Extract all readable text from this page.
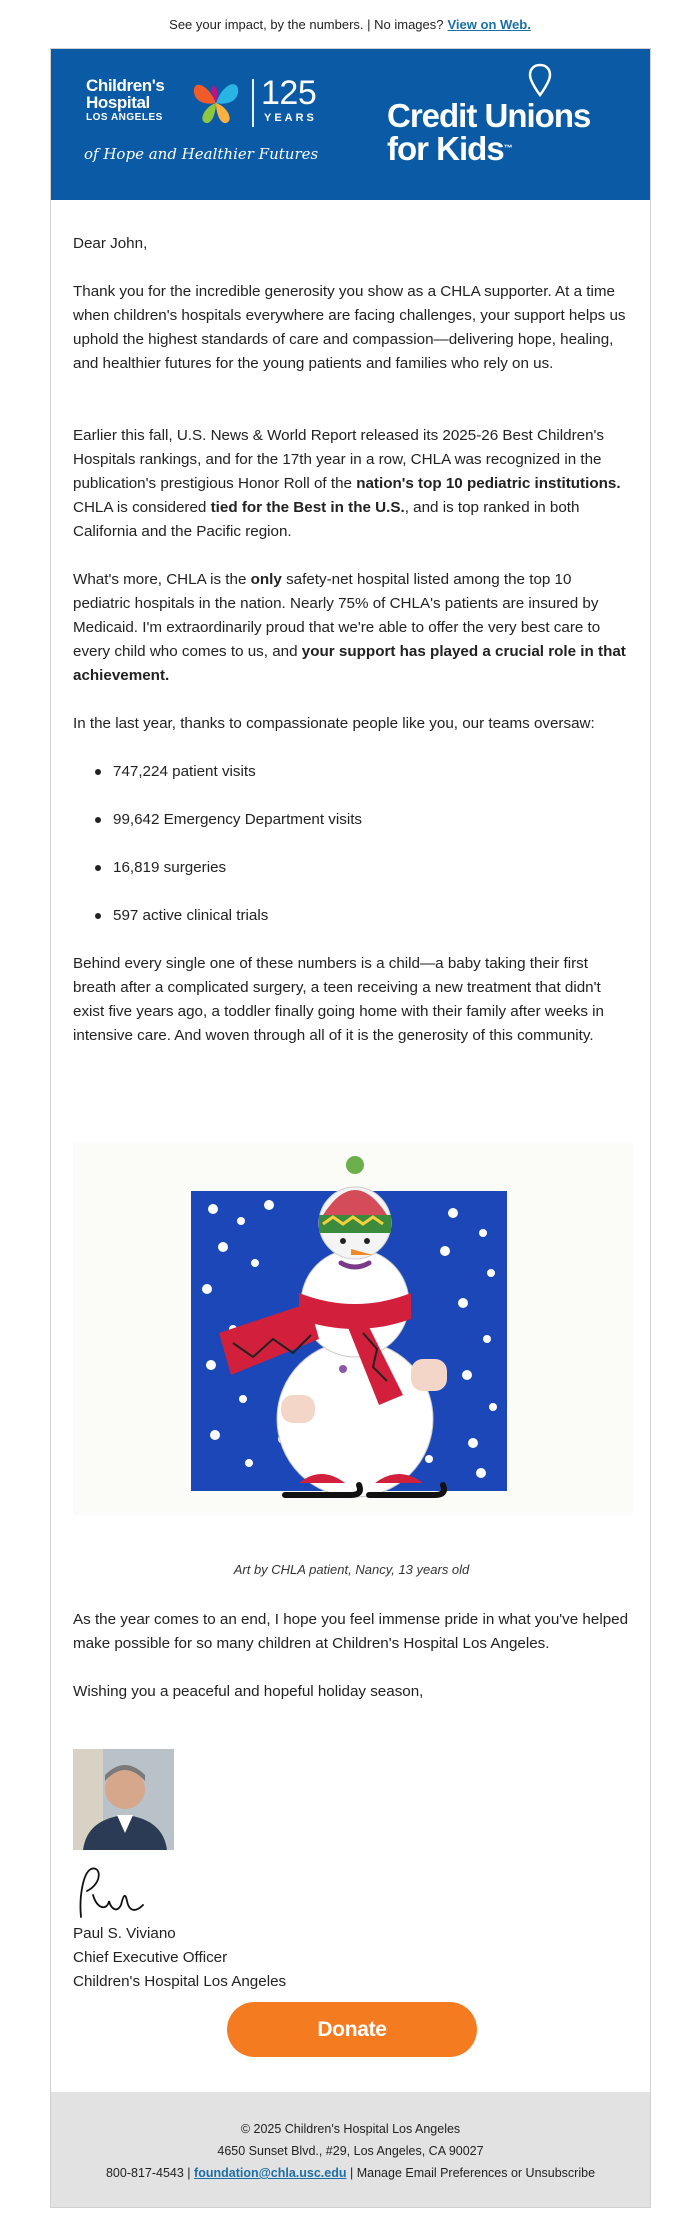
See your impact, by the numbers. | No images? View on Web.
Children's
Hospital
LOS ANGELES
125
YEARS
of Hope and Healthier Futures
Credit Unions
for Kids™

Dear John,

Thank you for the incredible generosity you show as a CHLA supporter. At a time when children's hospitals everywhere are facing challenges, your support helps us uphold the highest standards of care and compassion—delivering hope, healing, and healthier futures for the young patients and families who rely on us.

Earlier this fall, U.S. News & World Report released its 2025-26 Best Children's Hospitals rankings, and for the 17th year in a row, CHLA was recognized in the publication's prestigious Honor Roll of the nation's top 10 pediatric institutions. CHLA is considered tied for the Best in the U.S., and is top ranked in both California and the Pacific region.

What's more, CHLA is the only safety-net hospital listed among the top 10 pediatric hospitals in the nation. Nearly 75% of CHLA's patients are insured by Medicaid. I'm extraordinarily proud that we're able to offer the very best care to every child who comes to us, and your support has played a crucial role in that achievement.

In the last year, thanks to compassionate people like you, our teams oversaw:

747,224 patient visits
99,642 Emergency Department visits
16,819 surgeries
597 active clinical trials

Behind every single one of these numbers is a child—a baby taking their first breath after a complicated surgery, a teen receiving a new treatment that didn't exist five years ago, a toddler finally going home with their family after weeks in intensive care. And woven through all of it is the generosity of this community.

As the year comes to an end, I hope you feel immense pride in what you've helped make possible for so many children at Children's Hospital Los Angeles.

Wishing you a peaceful and hopeful holiday season,

Art by CHLA patient, Nancy, 13 years old
Paul S. Viviano
Chief Executive Officer
Children's Hospital Los Angeles
Donate
© 2025 Children's Hospital Los Angeles
4650 Sunset Blvd., #29, Los Angeles, CA 90027
800-817-4543 | foundation@chla.usc.edu | Manage Email Preferences or Unsubscribe
